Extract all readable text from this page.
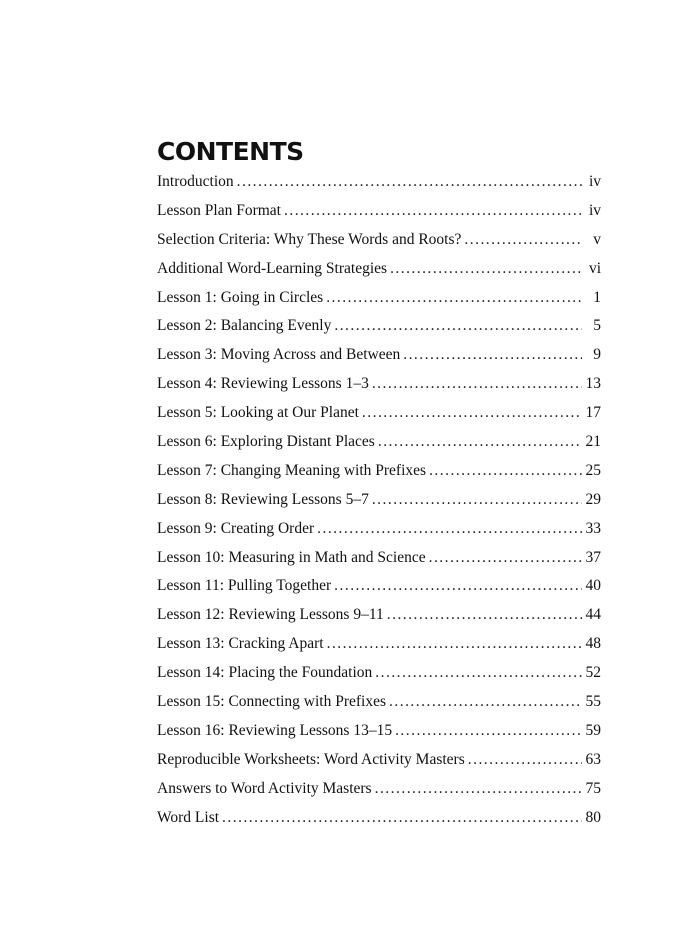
CONTENTS
Introduction . . .	iv
Lesson Plan Format . . .	iv
Selection Criteria: Why These Words and Roots? . . .	v
Additional Word-Learning Strategies . . .	vi
Lesson 1: Going in Circles . . .	1
Lesson 2: Balancing Evenly . . .	5
Lesson 3: Moving Across and Between . . .	9
Lesson 4: Reviewing Lessons 1–3 . . .	13
Lesson 5: Looking at Our Planet . . .	17
Lesson 6: Exploring Distant Places . . .	21
Lesson 7: Changing Meaning with Prefixes . . .	25
Lesson 8: Reviewing Lessons 5–7 . . .	29
Lesson 9: Creating Order . . .	33
Lesson 10: Measuring in Math and Science . . .	37
Lesson 11: Pulling Together . . .	40
Lesson 12: Reviewing Lessons 9–11 . . .	44
Lesson 13: Cracking Apart . . .	48
Lesson 14: Placing the Foundation . . .	52
Lesson 15: Connecting with Prefixes . . .	55
Lesson 16: Reviewing Lessons 13–15 . . .	59
Reproducible Worksheets: Word Activity Masters . . .	63
Answers to Word Activity Masters . . .	75
Word List . . .	80
